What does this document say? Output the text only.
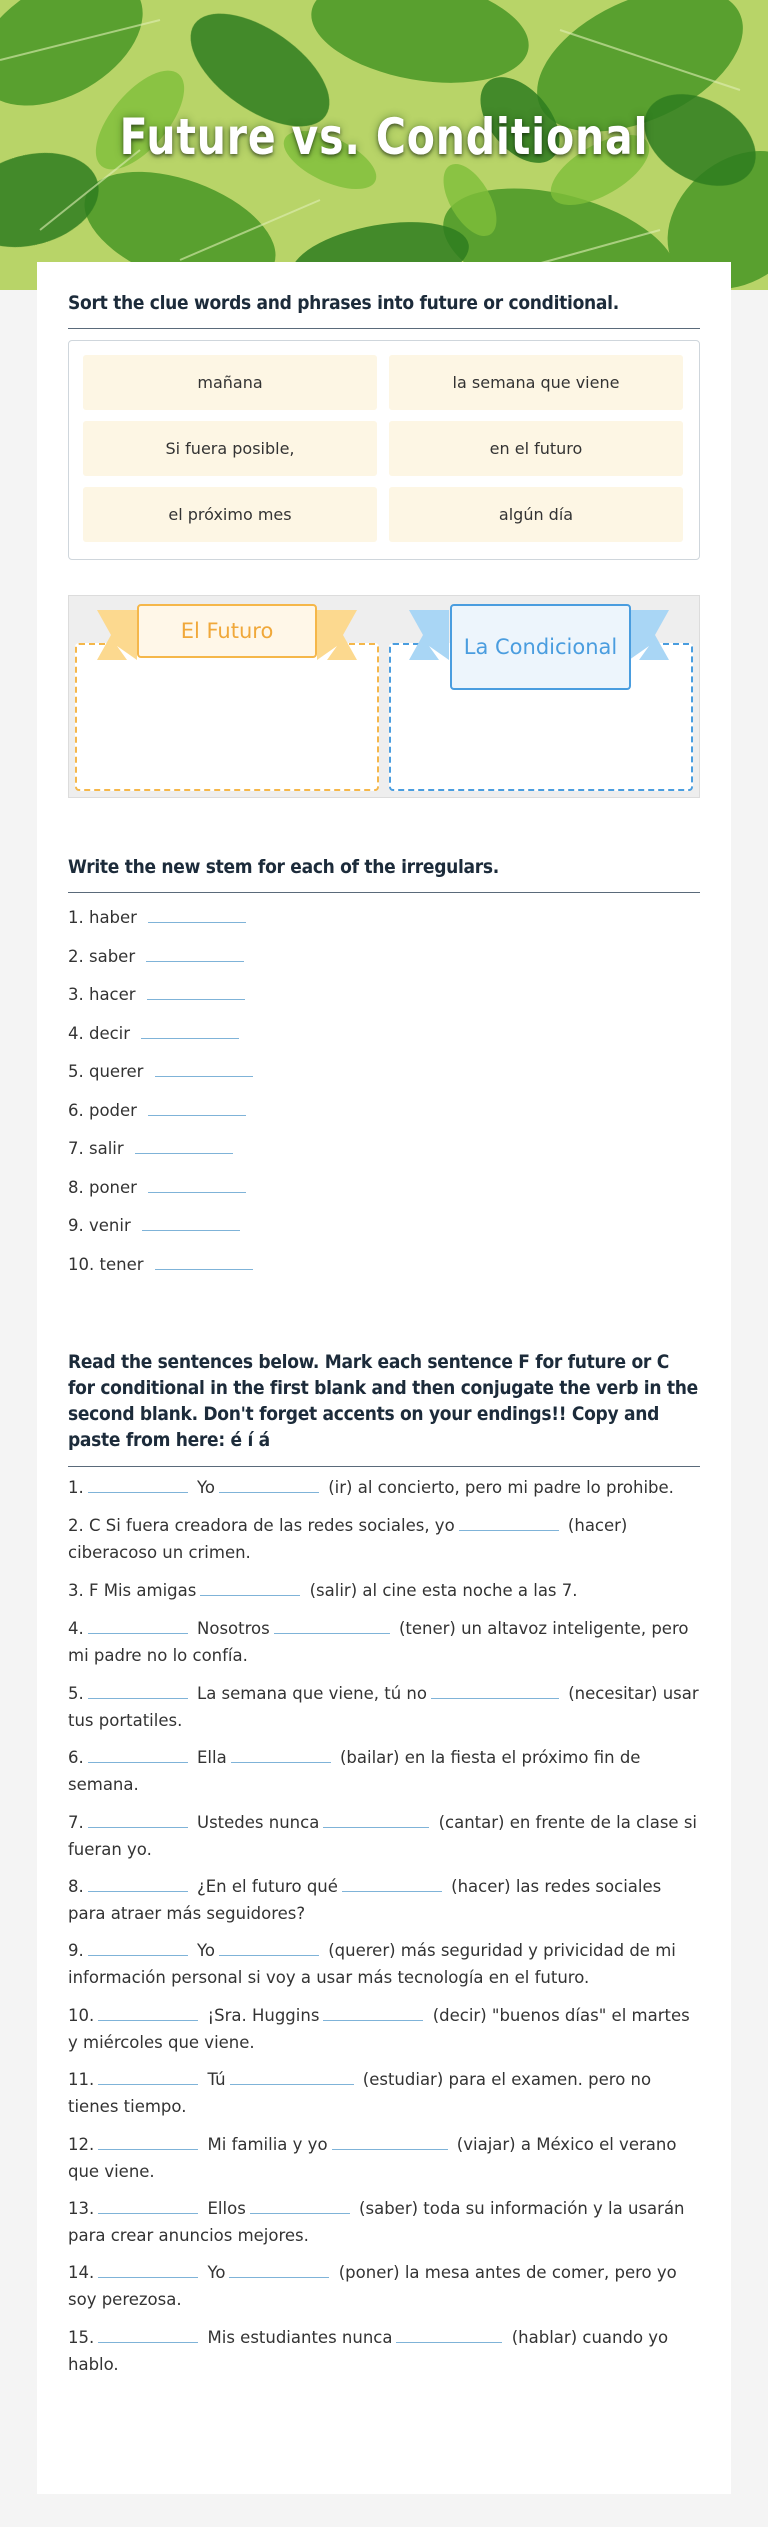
Future vs. Conditional
Sort the clue words and phrases into future or conditional.
mañana	la semana que viene
Si fuera posible,	en el futuro
el próximo mes	algún día
El Futuro
La Condicional
Write the new stem for each of the irregulars.
1. haber
2. saber
3. hacer
4. decir
5. querer
6. poder
7. salir
8. poner
9. venir
10. tener
Read the sentences below. Mark each sentence F for future or C for conditional in the first blank and then conjugate the verb in the second blank. Don't forget accents on your endings!! Copy and paste from here: é í á
1.	Yo	(ir) al concierto, pero mi padre lo prohibe.
2. C Si fuera creadora de las redes sociales, yo	(hacer) ciberacoso un crimen.
3. F Mis amigas	(salir) al cine esta noche a las 7.
4.	Nosotros	(tener) un altavoz inteligente, pero mi padre no lo confía.
5.	La semana que viene, tú no	(necesitar) usar tus portatiles.
6.	Ella	(bailar) en la fiesta el próximo fin de semana.
7.	Ustedes nunca	(cantar) en frente de la clase si fueran yo.
8.	¿En el futuro qué	(hacer) las redes sociales para atraer más seguidores?
9.	Yo	(querer) más seguridad y privicidad de mi información personal si voy a usar más tecnología en el futuro.
10.	¡Sra. Huggins	(decir) "buenos días" el martes y miércoles que viene.
11.	Tú	(estudiar) para el examen. pero no tienes tiempo.
12.	Mi familia y yo	(viajar) a México el verano que viene.
13.	Ellos	(saber) toda su información y la usarán para crear anuncios mejores.
14.	Yo	(poner) la mesa antes de comer, pero yo soy perezosa.
15.	Mis estudiantes nunca	(hablar) cuando yo hablo.
